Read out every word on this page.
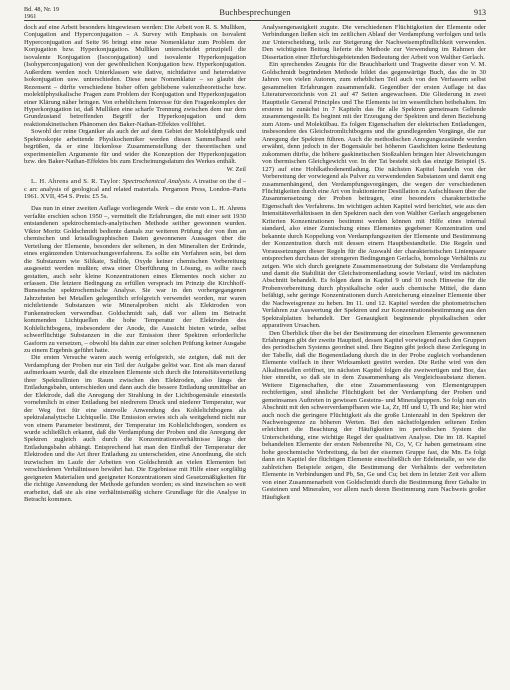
Bd. 48, Nr. 19
1961	Buchbesprechungen	913

doch auf eine Arbeit besonders hingewiesen werden: Die Arbeit von R. S. Mulliken, Conjugation and Hyperconjugation – A Survey with Emphasis on Isovalent Hyperconjugation auf Seite 96 bringt eine neue Nomenklatur zum Problem der Konjugation bzw. Hyperkonjugation. Mulliken unterscheidet prinzipiell die isovalente Konjugation (Isoconjugation) und isovalente Hyperkonjugation (Isohyperconjugation) von der gewöhnlichen Konjugation bzw. Hyperkonjugation. Außerdem werden noch Unterklassen wie dative, nichtdative und heterodative Isokonjugation usw. unterschieden. Diese neue Nomenklatur – so glaubt der Rezensent – dürfte verschiedene bisher offen gebliebene valenztheoretische bzw. molekülphysikalische Fragen zum Problem der Konjugation und Hyperkonjugation einer Klärung näher bringen. Von erheblichem Interesse für den Fragenkomplex der Hyperkonjugation ist, daß Mulliken eine scharfe Trennung zwischen dem nur dem Grundzustand betreffenden Begriff der Hyperkonjugation und dem reaktionskinetischen Phänomen des Baker-Nathan-Effektes vollführt.

Sowohl der reine Organiker als auch der auf dem Gebiet der Molekülphysik und Spektroskopie arbeitende Physikochemiker werden diesen Sammelband sehr begrüßen, da er eine lückenlose Zusammenstellung der theoretischen und experimentellen Argumente für und wider die Konzeption der Hyperkonjugation bzw. des Baker-Nathan-Effektes bis zum Erscheinungsdatum des Werkes enthält.

W. Zeil

L. H. Ahrens and S. R. Taylor: Spectrochemical Analysis. A treatise on the d – c arc analysis of geological and related materials. Pergamon Press, London–Paris 1961. XVII, 454 S. Preis: £5 5s.

Das nun in einer zweiten Auflage vorliegende Werk – die erste von L. H. Ahrens verfaßte erschien schon 1950 –, vermittelt die Erfahrungen, die mit einer seit 1930 entstandenen spektrochemisch-analytischen Methode seither gewonnen wurden. Viktor Moritz Goldschmidt bediente damals zur weiteren Prüfung der von ihm an chemischen und kristallographischen Daten gewonnenen Aussagen über die Verteilung der Elemente, besonders der seltenen, in den Mineralien der Erdrinde, eines ergänzenden Untersuchungsverfahrens. Es sollte ein Verfahren sein, bei dem die Substanzen wie Silikate, Sulfide, Oxyde keiner chemischen Vorbereitung ausgesetzt werden mußten; etwa einer Überführung in Lösung, es sollte rasch gestatten, auch sehr kleine Konzentrationen eines Elementes noch sicher zu erfassen. Die letztere Bedingung zu erfüllen versprach im Prinzip die Kirchhoff-Bunsensche spektrochemische Analyse. Sie war in den vorhergegangenen Jahrzehnten bei Metallen gelegentlich erfolgreich verwendet worden, nur waren nichtleitende Substanzen wie Mineralproben nicht als Elektroden von Funkenstrecken verwendbar. Goldschmidt sah, daß vor allem im Betracht kommenden Lichtquellen die hohe Temperatur der Elektroden des Kohlelichtbogens, insbesondere der Anode, die Aussicht bieten würde, selbst schwerflüchtige Substanzen in die zur Emission ihrer Spektren erforderliche Gasform zu versetzen, – obwohl bis dahin zur einer solchen Prüfung keiner Ausgabe zu einem Ergebnis geführt hatte.

Die ersten Versuche waren auch wenig erfolgreich, sie zeigten, daß mit der Verdampfung der Proben nur ein Teil der Aufgabe gelöst war. Erst als man darauf aufmerksam wurde, daß die einzelnen Elemente sich durch die Intensitätsverteilung ihrer Spektrallinien im Raum zwischen den Elektroden, also längs der Entladungsbahn, unterschieden und dann auch die bessere Entladung unmittelbar an der Elektrode, daß die Anregung der Strahlung in der Lichtbogensäule einesteils vornehmlich in einer Entladung bei niedrerem Druck und niederer Temperatur, war der Weg frei für eine sinnvolle Anwendung des Kohlelichtbogens als spektralanalytische Lichtquelle. Die Emission erwies sich als weitgehend nicht nur von einem Parameter bestimmt, der Temperatur im Kohlelichtbogen, sondern es wurde schließlich erkannt, daß die Verdampfung der Proben und die Anregung der Spektren zugleich auch durch die Konzentrationsverhältnisse längs der Entladungsbahn abhängt. Entsprechend hat man den Einfluß der Temperatur der Elektroden und die Art ihrer Entladung zu unterscheiden, eine Anordnung, die sich inzwischen im Laufe der Arbeiten von Goldschmidt an vielen Elementen bei verschiedenen Verhältnissen bewährt hat. Die Ergebnisse mit Hilfe einer sorgfältig geeigneten Materialien und geeigneter Konzentrationen sind Gesetzmäßigkeiten für die richtige Anwendung der Methode gefunden worden; es sind inzwischen so weit erarbeitet, daß sie als eine verhältnismäßig sichere Grundlage für die Analyse in Betracht kommen.

Analysengenauigkeit zugute. Die verschiedenen Flüchtigkeiten der Elemente oder Verbindungen ließen sich im zeitlichen Ablauf der Verdampfung verfolgen und teils zur Unterscheidung, teils zur Steigerung der Nachweisempfindlichkeit verwenden. Den wichtigsten Beitrag lieferte die Methode zur Verwendung im Rahmen der Dissertation einer Ehrfurchtsgebietenden Bedeutung der Arbeit von Walther Gerlach.

Ein sprechendes Zeugnis für die Brauchbarkeit und Tragweite dieser von V. M. Goldschmidt begründeten Methode bildet das gegenwärtige Buch, das die in 30 Jahren von vielen Autoren, zum erheblichen Teil auch von den Verfassern selbst gesammelten Erfahrungen zusammenfaßt. Gegenüber der ersten Auflage ist das Literaturverzeichnis von 21 auf 47 Seiten angewachsen. Die Gliederung in zwei Hauptteile General Principles und The Elements ist im wesentlichen beibehalten. Im ersteren ist zunächst in 7 Kapiteln das für alle Spektren gemeinsam Geltende zusammengestellt. Es beginnt mit der Erzeugung der Spektren und deren Beziehung zum Atom- und Molekülbau. Es folgen Eigenschaften der elektrischen Entladungen, insbesondere des Gleichstromlichtbogens und die grundlegenden Vorgänge, die zur Anregung der Spektren führen. Auch die methodischen Anregungszustände werden erwähnt, denn jedoch in der Bogensäule bei höheren Gasdichten keine Bedeutung zukommen dürfte, die höhere gaskinetischen Stoßzahlen bringen hier Abweichungen von thermischen Gleichgewicht vor. In der Tat besteht sich das einzige Beispiel (S. 127) auf eine Hohlkathodenentladung. Die nächsten Kapitel handeln von der Vorbereitung der vorwiegend als Pulver zu verwendenden Substanzen und damit eng zusammenhängend, den Verdampfungsvorgängen, die wegen der verschiedenen Flüchtigkeiten durch eine Art von fraktionierter Destillation zu Aufschlüssen über die Zusammensetzung der Proben beitragen, eine besonders charakteristische Eigenschaft des Verfahrens. Im wichtigen achten Kapitel wird berichtet, wie aus den Intensitätsverhältnissen in den Spektren nach den von Walther Gerlach angegebenen Kriterien Konzentrationen bestimmt werden können mit Hilfe eines internal standard, also einer Zumischung eines Elementes gegebener Konzentration und bekannte durch Koppelung von Verdampfungszeiten der Elemente und Bestimmung der Konzentration durch mit dessen einem Hauptbestandteile. Die Regeln und Voraussetzungen dieser Regeln für die Auswahl der charakteristischen Linienpaare entsprechen durchaus der strengeren Bedingungen Gerlachs, homologe Verhältnis zu zeigen. Wie sich durch geeignete Zusammensetzung der Substanz die Verdampfung und damit die Stabilität der Gleichstromentladung sowie Verlauf, wird im nächsten Abschnitt behandelt. Es folgen dann in Kapitel 9 und 10 noch Hinweise für die Probenvorbereitung durch physikalische oder auch chemische Mittel, die dann befähigt, sehr geringe Konzentrationen durch Anreicherung einzelner Elemente über die Nachweisgrenze zu heben. Im 11. und 12. Kapitel werden die photometrischen Verfahren zur Auswertung der Spektren und zur Konzentrationsbestimmung aus den Spektralplatten behandelt. Der Genauigkeit beginnende physikalischen oder apparativen Ursachen.

Den Überblick über die bei der Bestimmung der einzelnen Elemente gewonnenen Erfahrungen gibt der zweite Hauptteil, dessen Kapitel vorwiegend nach den Gruppen des periodischen Systems geordnet sind. Ihre Beginn gibt jedoch diese Zerlegung in der Tabelle, daß die Bogenentladung durch die in der Probe zugleich vorhandenen Elemente vielfach in ihrer Wirksamkeit gestört werden. Die Reihe wird von den Alkalimetallen eröffnet, im nächsten Kapitel folgen die zweiwertigen und Bor, das hier einreiht, so daß sie in dem Zusammenhang als Vergleichssubstanz dienen. Weitere Eigenschaften, die eine Zusammenfassung von Elementgruppen rechtfertigen, sind ähnliche Flüchtigkeit bei der Verdampfung der Proben und gemeinsames Auftreten in gewissen Gesteins- und Mineralgruppen. So folgt nun ein Abschnitt mit den schwerverdampfbaren wie La, Zr, Hf und U, Th und Re; hier wird auch noch die geringere Flüchtigkeit als die große Linienzahl in den Spektren der Nachweisgrenze zu höheren Werten. Bei den nächstfolgenden seltenen Erden erleichtert die Beachtung der Häufigkeiten im periodischen System die Unterscheidung, eine wichtige Regel der qualitativen Analyse. Die im 18. Kapitel behandelten Elemente der ersten Nebenreihe Ni, Co, V, Cr haben gemeinsam eine hohe geochemische Verbreitung, da bei der eisernen Gruppe fast, die Mn. Es folgt dann ein Kapitel der flüchtigen Elemente einschließlich der Edelmetalle, so wie die zahlreichen Beispiele zeigen, die Bestimmung der Verhältnis der verbreiteten Elemente in Verbindungen und Pb, Sn, Ge und Cu; bei dem in letzter Zeit vor allem von einer Zusammenarbeit von Goldschmidt durch die Bestimmung ihrer Gehalte in Gesteinen und Mineralen, vor allem nach deren Bestimmung zum Nachweis großer Häufigkeit
